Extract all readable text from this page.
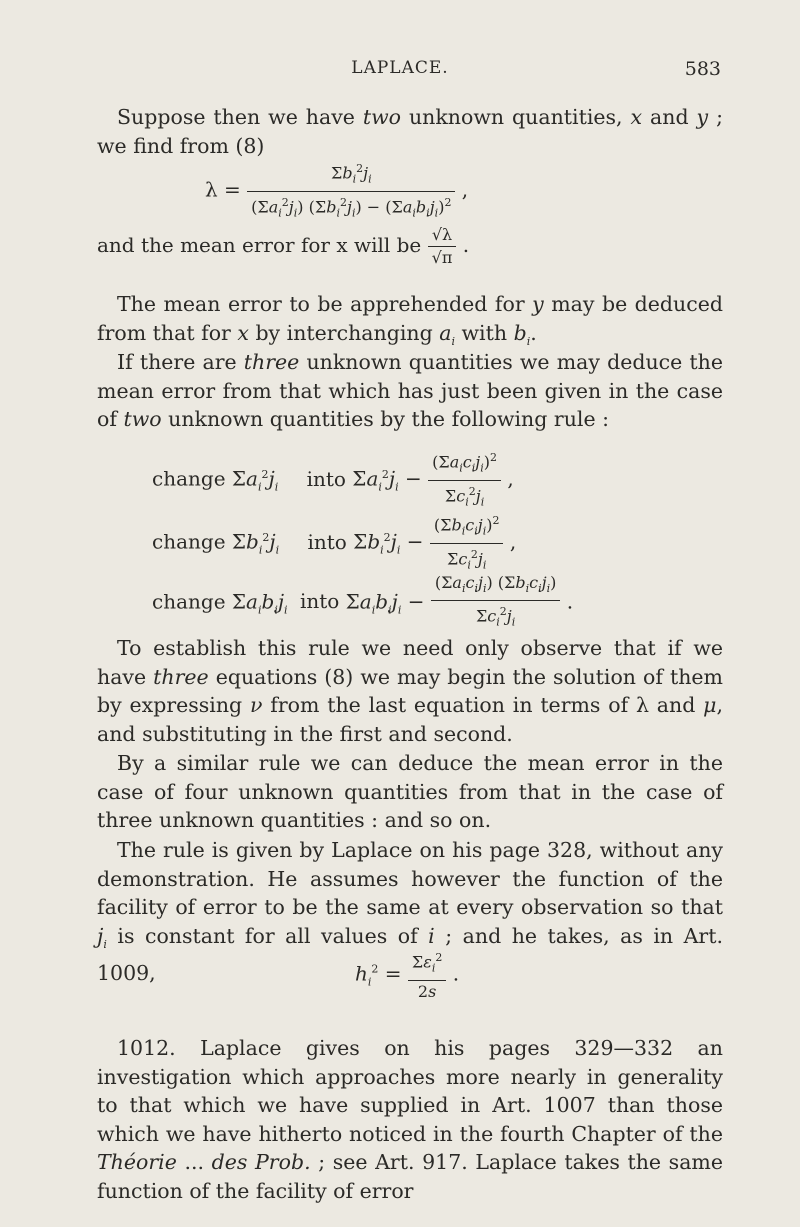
LAPLACE.	583
Suppose then we have two unknown quantities, x and y ; we find from (8)
$\lambda = \frac{\Sigma b_i^2j_i}{(\Sigma a_i^2j_i) (\Sigma b_i^2j_i) - (\Sigma a_ib_ij_i)^2}$ ,
and the mean error for x will be $\frac{√\lambda}{√\pi}$ .
The mean error to be apprehended for y may be deduced from that for x by interchanging $a_i$ with $b_i$.
If there are three unknown quantities we may deduce the mean error from that which has just been given in the case of two unknown quantities by the following rule :
change $\Sigma a_i^2j_i$ into $\Sigma a_i^2j_i - \frac{(\Sigma a_ic_ij_i)^2}{\Sigma c_i^2j_i}$ ,
change $\Sigma b_i^2j_i$ into $\Sigma b_i^2j_i - \frac{(\Sigma b_ic_ij_i)^2}{\Sigma c_i^2j_i}$ ,
change $\Sigma a_ib_ij_i$ into $\Sigma a_ib_ij_i - \frac{(\Sigma a_ic_ij_i) (\Sigma b_ic_ij_i)}{\Sigma c_i^2j_i}$ .
To establish this rule we need only observe that if we have three equations (8) we may begin the solution of them by expressing ν from the last equation in terms of λ and μ, and substituting in the first and second.
By a similar rule we can deduce the mean error in the case of four unknown quantities from that in the case of three unknown quantities : and so on.
The rule is given by Laplace on his page 328, without any demonstration. He assumes however the function of the facility of error to be the same at every observation so that $j_i$ is constant for all values of i ; and he takes, as in Art. 1009,	$h_i^2 = \frac{\Sigma\varepsilon_i^2}{2s}$ .
1012. Laplace gives on his pages 329—332 an investigation which approaches more nearly in generality to that which we have supplied in Art. 1007 than those which we have hitherto noticed in the fourth Chapter of the Théorie ... des Prob. ; see Art. 917. Laplace takes the same function of the facility of error
